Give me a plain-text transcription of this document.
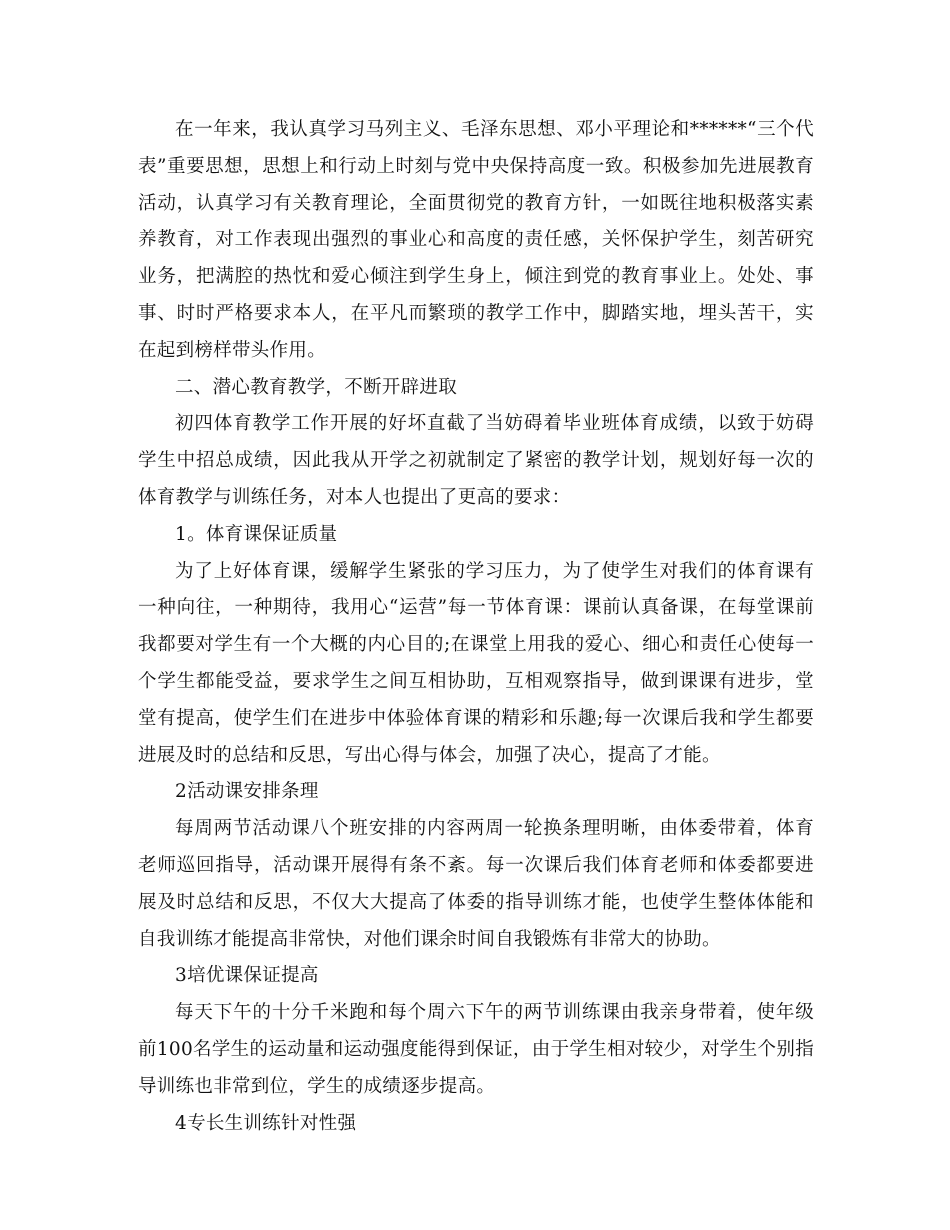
在一年来，我认真学习马列主义、毛泽东思想、邓小平理论和******“三个代表”重要思想，思想上和行动上时刻与党中央保持高度一致。积极参加先进展教育活动，认真学习有关教育理论，全面贯彻党的教育方针，一如既往地积极落实素养教育，对工作表现出强烈的事业心和高度的责任感，关怀保护学生，刻苦研究业务，把满腔的热忱和爱心倾注到学生身上，倾注到党的教育事业上。处处、事事、时时严格要求本人，在平凡而繁琐的教学工作中，脚踏实地，埋头苦干，实在起到榜样带头作用。

二、潜心教育教学，不断开辟进取

初四体育教学工作开展的好坏直截了当妨碍着毕业班体育成绩，以致于妨碍学生中招总成绩，因此我从开学之初就制定了紧密的教学计划，规划好每一次的体育教学与训练任务，对本人也提出了更高的要求：

1。体育课保证质量

为了上好体育课，缓解学生紧张的学习压力，为了使学生对我们的体育课有一种向往，一种期待，我用心“运营”每一节体育课：课前认真备课，在每堂课前我都要对学生有一个大概的内心目的;在课堂上用我的爱心、细心和责任心使每一个学生都能受益，要求学生之间互相协助，互相观察指导，做到课课有进步，堂堂有提高，使学生们在进步中体验体育课的精彩和乐趣;每一次课后我和学生都要进展及时的总结和反思，写出心得与体会，加强了决心，提高了才能。

2活动课安排条理

每周两节活动课八个班安排的内容两周一轮换条理明晰，由体委带着，体育老师巡回指导，活动课开展得有条不紊。每一次课后我们体育老师和体委都要进展及时总结和反思，不仅大大提高了体委的指导训练才能，也使学生整体体能和自我训练才能提高非常快，对他们课余时间自我锻炼有非常大的协助。

3培优课保证提高

每天下午的十分千米跑和每个周六下午的两节训练课由我亲身带着，使年级前100名学生的运动量和运动强度能得到保证，由于学生相对较少，对学生个别指导训练也非常到位，学生的成绩逐步提高。

4专长生训练针对性强
